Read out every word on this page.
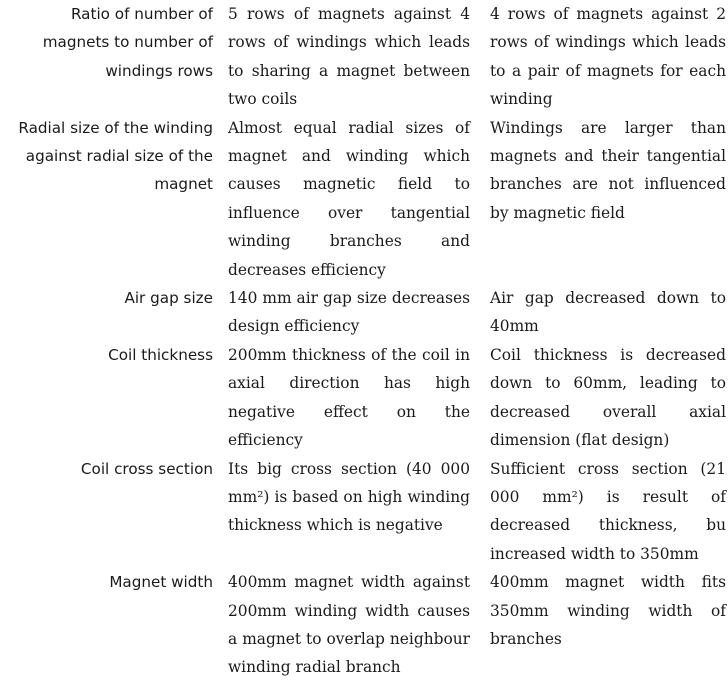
Ratio of number of magnets to number of windings rows	5 rows of magnets against 4 rows of windings which leads to sharing a magnet between two coils	4 rows of magnets against 2 rows of windings which leads to a pair of magnets for each winding
Radial size of the winding against radial size of the magnet	Almost equal radial sizes of magnet and winding which causes magnetic field to influence over tangential winding branches and decreases efficiency	Windings are larger than magnets and their tangential branches are not influenced by magnetic field
Air gap size	140 mm air gap size decreases design efficiency	Air gap decreased down to 40mm
Coil thickness	200mm thickness of the coil in axial direction has high negative effect on the efficiency	Coil thickness is decreased down to 60mm, leading to decreased overall axial dimension (flat design)
Coil cross section	Its big cross section (40 000 mm²) is based on high winding thickness which is negative	Sufficient cross section (21 000 mm²) is result of decreased thickness, bu increased width to 350mm
Magnet width	400mm magnet width against 200mm winding width causes a magnet to overlap neighbour winding radial branch	400mm magnet width fits 350mm winding width of branches
